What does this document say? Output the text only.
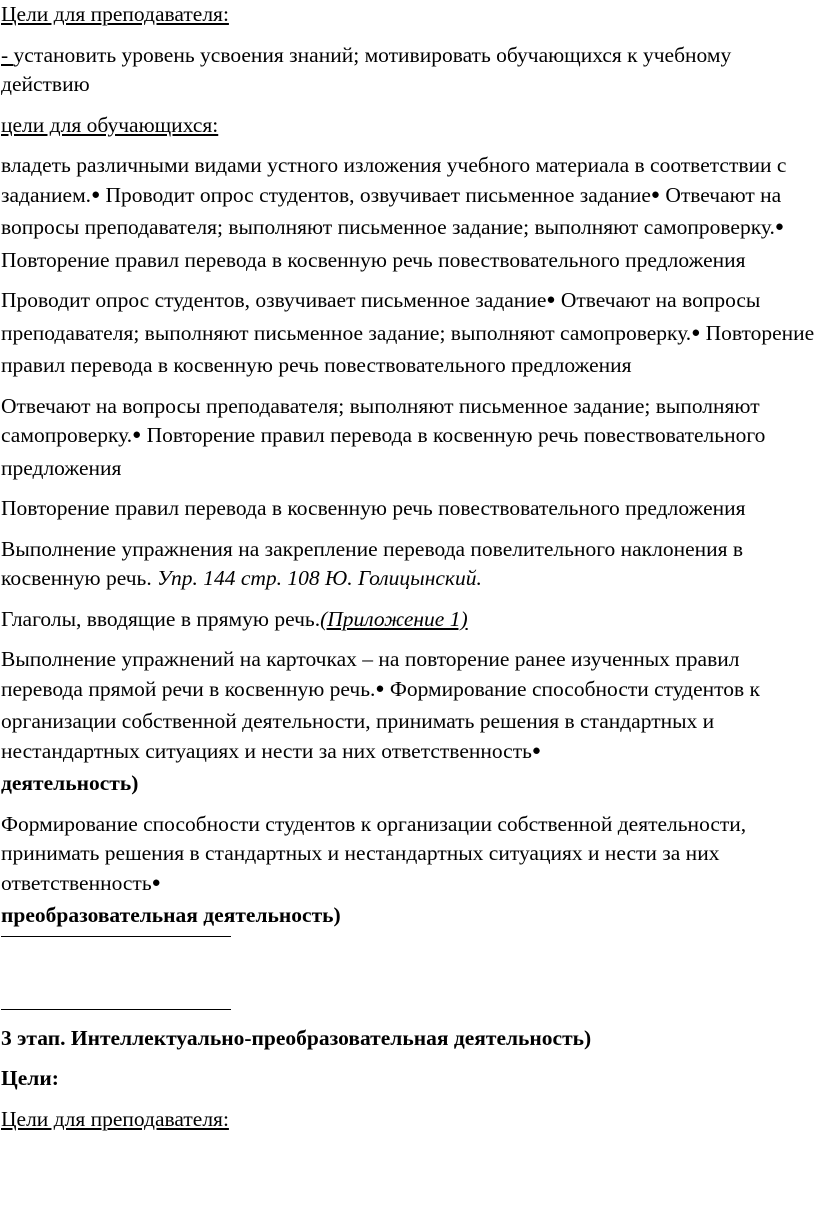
Цели для преподавателя:

- установить уровень усвоения знаний; мотивировать обучающихся к учебному действию

цели для обучающихся:

владеть различными видами устного изложения учебного материала в соответствии с заданием.● Проводит опрос студентов, озвучивает письменное задание● Отвечают на вопросы преподавателя; выполняют письменное задание; выполняют самопроверку.● Повторение правил перевода в косвенную речь повествовательного предложения

Проводит опрос студентов, озвучивает письменное задание● Отвечают на вопросы преподавателя; выполняют письменное задание; выполняют самопроверку.● Повторение правил перевода в косвенную речь повествовательного предложения

Отвечают на вопросы преподавателя; выполняют письменное задание; выполняют самопроверку.● Повторение правил перевода в косвенную речь повествовательного предложения

Повторение правил перевода в косвенную речь повествовательного предложения

Выполнение упражнения на закрепление перевода повелительного наклонения в косвенную речь. Упр. 144 стр. 108 Ю. Голицынский.

Глаголы, вводящие в прямую речь.(Приложение 1)

Выполнение упражнений на карточках – на повторение ранее изученных правил перевода прямой речи в косвенную речь.● Формирование способности студентов к организации собственной деятельности, принимать решения в стандартных и нестандартных ситуациях и нести за них ответственность●

деятельность)

Формирование способности студентов к организации собственной деятельности, принимать решения в стандартных и нестандартных ситуациях и нести за них ответственность●

преобразовательная деятельность)

3 этап. Интеллектуально-преобразовательная деятельность)

Цели:

Цели для преподавателя:
